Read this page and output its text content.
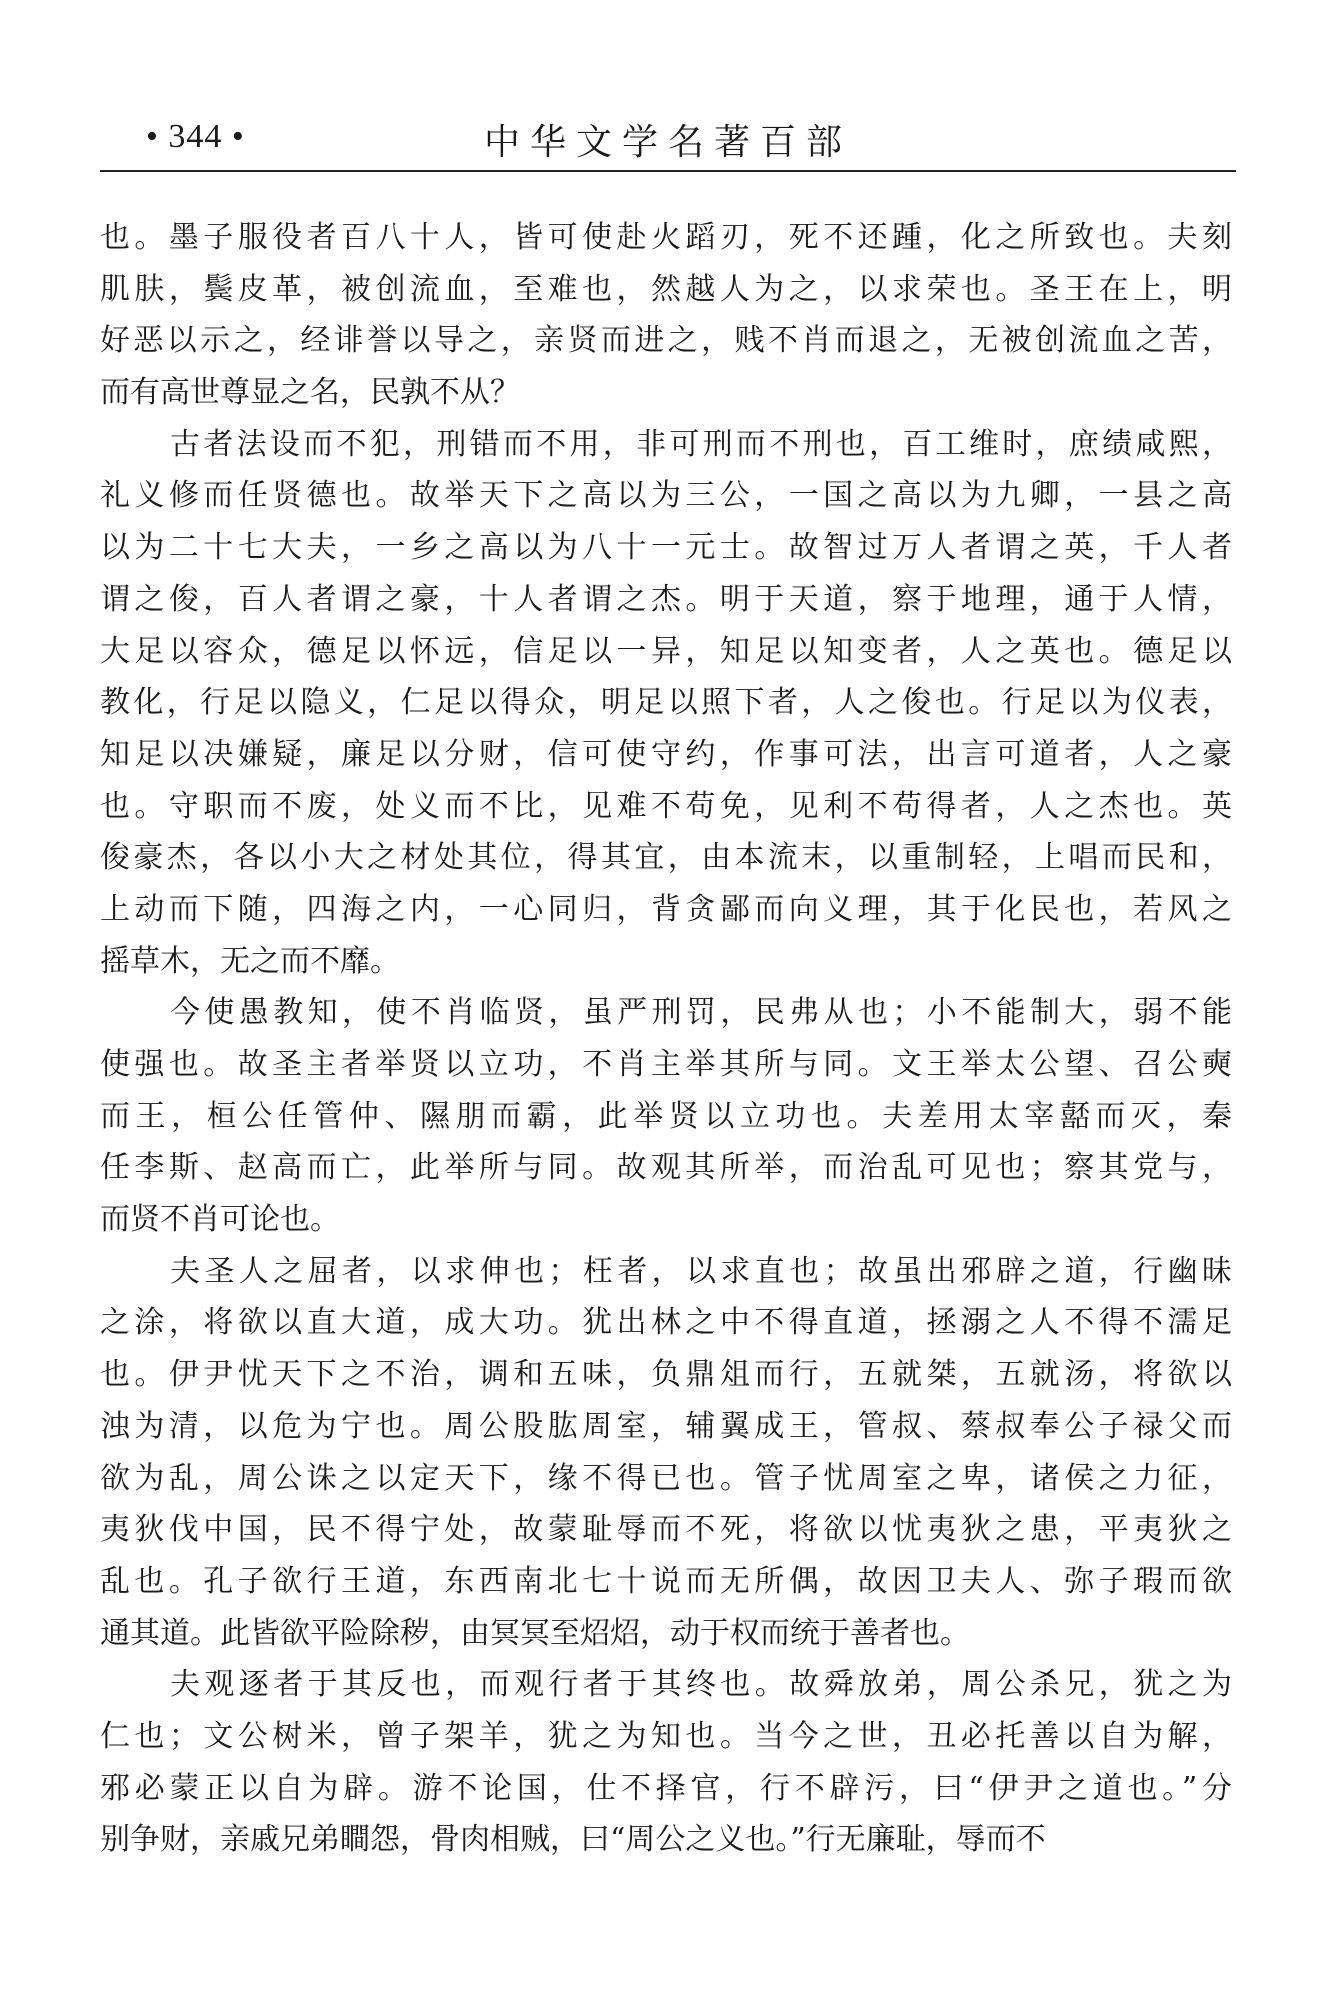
• 344 •	中华文学名著百部
也。墨子服役者百八十人，皆可使赴火蹈刃，死不还踵，化之所致也。夫刻
肌肤，鬓皮革，被创流血，至难也，然越人为之，以求荣也。圣王在上，明
好恶以示之，经诽誉以导之，亲贤而进之，贱不肖而退之，无被创流血之苦，
而有高世尊显之名，民孰不从？
古者法设而不犯，刑错而不用，非可刑而不刑也，百工维时，庶绩咸熙，
礼义修而任贤德也。故举天下之高以为三公，一国之高以为九卿，一县之高
以为二十七大夫，一乡之高以为八十一元士。故智过万人者谓之英，千人者
谓之俊，百人者谓之豪，十人者谓之杰。明于天道，察于地理，通于人情，
大足以容众，德足以怀远，信足以一异，知足以知变者，人之英也。德足以
教化，行足以隐义，仁足以得众，明足以照下者，人之俊也。行足以为仪表，
知足以决嫌疑，廉足以分财，信可使守约，作事可法，出言可道者，人之豪
也。守职而不废，处义而不比，见难不苟免，见利不苟得者，人之杰也。英
俊豪杰，各以小大之材处其位，得其宜，由本流末，以重制轻，上唱而民和，
上动而下随，四海之内，一心同归，背贪鄙而向义理，其于化民也，若风之
摇草木，无之而不靡。
今使愚教知，使不肖临贤，虽严刑罚，民弗从也；小不能制大，弱不能
使强也。故圣主者举贤以立功，不肖主举其所与同。文王举太公望、召公奭
而王，桓公任管仲、隰朋而霸，此举贤以立功也。夫差用太宰嚭而灭，秦
任李斯、赵高而亡，此举所与同。故观其所举，而治乱可见也；察其党与，
而贤不肖可论也。
夫圣人之屈者，以求伸也；枉者，以求直也；故虽出邪辟之道，行幽昧
之涂，将欲以直大道，成大功。犹出林之中不得直道，拯溺之人不得不濡足
也。伊尹忧天下之不治，调和五味，负鼎俎而行，五就桀，五就汤，将欲以
浊为清，以危为宁也。周公股肱周室，辅翼成王，管叔、蔡叔奉公子禄父而
欲为乱，周公诛之以定天下，缘不得已也。管子忧周室之卑，诸侯之力征，
夷狄伐中国，民不得宁处，故蒙耻辱而不死，将欲以忧夷狄之患，平夷狄之
乱也。孔子欲行王道，东西南北七十说而无所偶，故因卫夫人、弥子瑕而欲
通其道。此皆欲平险除秽，由冥冥至炤炤，动于权而统于善者也。
夫观逐者于其反也，而观行者于其终也。故舜放弟，周公杀兄，犹之为
仁也；文公树米，曾子架羊，犹之为知也。当今之世，丑必托善以自为解，
邪必蒙正以自为辟。游不论国，仕不择官，行不辟污，曰“伊尹之道也。”分
别争财，亲戚兄弟瞷怨，骨肉相贼，曰“周公之义也。”行无廉耻，辱而不
